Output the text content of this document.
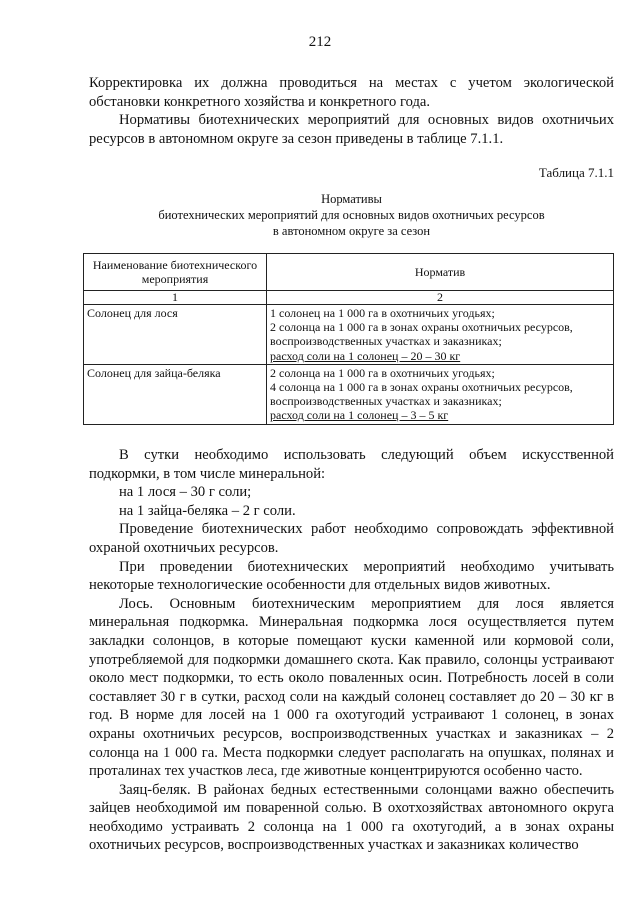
212

Корректировка их должна проводиться на местах с учетом экологической обстановки конкретного хозяйства и конкретного года.

Нормативы биотехнических мероприятий для основных видов охотничьих ресурсов в автономном округе за сезон приведены в таблице 7.1.1.

Таблица 7.1.1
Нормативы
биотехнических мероприятий для основных видов охотничьих ресурсов
в автономном округе за сезон
Наименование биотехнического мероприятия	Норматив
1	2
Солонец для лося	1 солонец на 1 000 га в охотничьих угодьях;
2 солонца на 1 000 га в зонах охраны охотничьих ресурсов,
воспроизводственных участках и заказниках;
расход соли на 1 солонец – 20 – 30 кг

Солонец для зайца-беляка	2 солонца на 1 000 га в охотничьих угодьях;
4 солонца на 1 000 га в зонах охраны охотничьих ресурсов,
воспроизводственных участках и заказниках;
расход соли на 1 солонец – 3 – 5 кг

В сутки необходимо использовать следующий объем искусственной подкормки, в том числе минеральной:

на 1 лося – 30 г соли;

на 1 зайца-беляка – 2 г соли.

Проведение биотехнических работ необходимо сопровождать эффективной охраной охотничьих ресурсов.

При проведении биотехнических мероприятий необходимо учитывать некоторые технологические особенности для отдельных видов животных.

Лось. Основным биотехническим мероприятием для лося является минеральная подкормка. Минеральная подкормка лося осуществляется путем закладки солонцов, в которые помещают куски каменной или кормовой соли, употребляемой для подкормки домашнего скота. Как правило, солонцы устраивают около мест подкормки, то есть около поваленных осин. Потребность лосей в соли составляет 30 г в сутки, расход соли на каждый солонец составляет до 20 – 30 кг в год. В норме для лосей на 1 000 га охотугодий устраивают 1 солонец, в зонах охраны охотничьих ресурсов, воспроизводственных участках и заказниках – 2 солонца на 1 000 га. Места подкормки следует располагать на опушках, полянах и проталинах тех участков леса, где животные концентрируются особенно часто.

Заяц-беляк. В районах бедных естественными солонцами важно обеспечить зайцев необходимой им поваренной солью. В охотхозяйствах автономного округа необходимо устраивать 2 солонца на 1 000 га охотугодий, а в зонах охраны охотничьих ресурсов, воспроизводственных участках и заказниках количество
